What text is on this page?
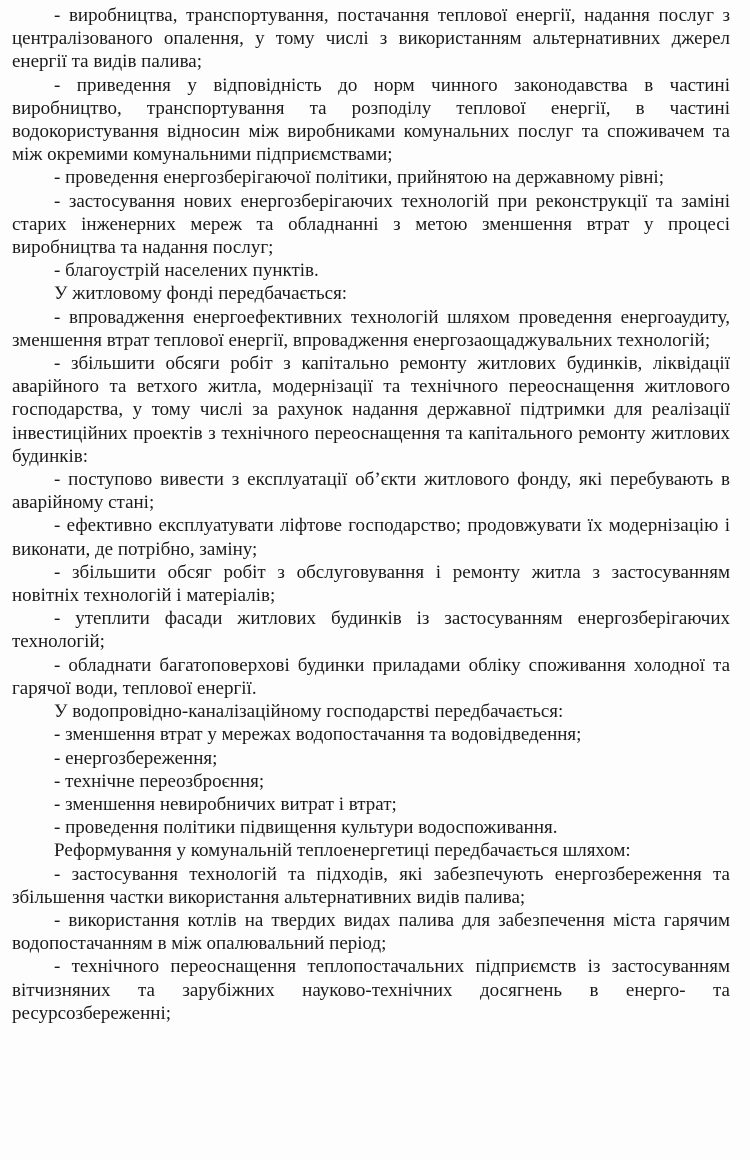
- виробництва, транспортування, постачання теплової енергії, надання послуг з централізованого опалення, у тому числі з використанням альтернативних джерел енергії та видів палива;

- приведення у відповідність до норм чинного законодавства в частині виробництво, транспортування та розподілу теплової енергії, в частині водокористування відносин між виробниками комунальних послуг та споживачем та між окремими комунальними підприємствами;

- проведення енергозберігаючої політики, прийнятою на державному рівні;

- застосування нових енергозберігаючих технологій при реконструкції та заміні старих інженерних мереж та обладнанні з метою зменшення втрат у процесі виробництва та надання послуг;

- благоустрій населених пунктів.

У житловому фонді передбачається:

- впровадження енергоефективних технологій шляхом проведення енергоаудиту, зменшення втрат теплової енергії, впровадження енергозаощаджувальних технологій;

- збільшити обсяги робіт з капітально ремонту житлових будинків, ліквідації аварійного та ветхого житла, модернізації та технічного переоснащення житлового господарства, у тому числі за рахунок надання державної підтримки для реалізації інвестиційних проектів з технічного переоснащення та капітального ремонту житлових будинків:

- поступово вивести з експлуатації об’єкти житлового фонду, які перебувають в аварійному стані;

- ефективно експлуатувати ліфтове господарство; продовжувати їх модернізацію і виконати, де потрібно, заміну;

- збільшити обсяг робіт з обслуговування і ремонту житла з застосуванням новітніх технологій і матеріалів;

- утеплити фасади житлових будинків із застосуванням енергозберігаючих технологій;

- обладнати багатоповерхові будинки приладами обліку споживання холодної та гарячої води, теплової енергії.

У водопровідно-каналізаційному господарстві передбачається:

- зменшення втрат у мережах водопостачання та водовідведення;

- енергозбереження;

- технічне переозброєння;

- зменшення невиробничих витрат і втрат;

- проведення політики підвищення культури водоспоживання.

Реформування у комунальній теплоенергетиці передбачається шляхом:

- застосування технологій та підходів, які забезпечують енергозбереження та збільшення частки використання альтернативних видів палива;

- використання котлів на твердих видах палива для забезпечення міста гарячим водопостачанням в між опалювальний період;

- технічного переоснащення теплопостачальних підприємств із застосуванням вітчизняних та зарубіжних науково-технічних досягнень в енерго- та ресурсозбереженні;
